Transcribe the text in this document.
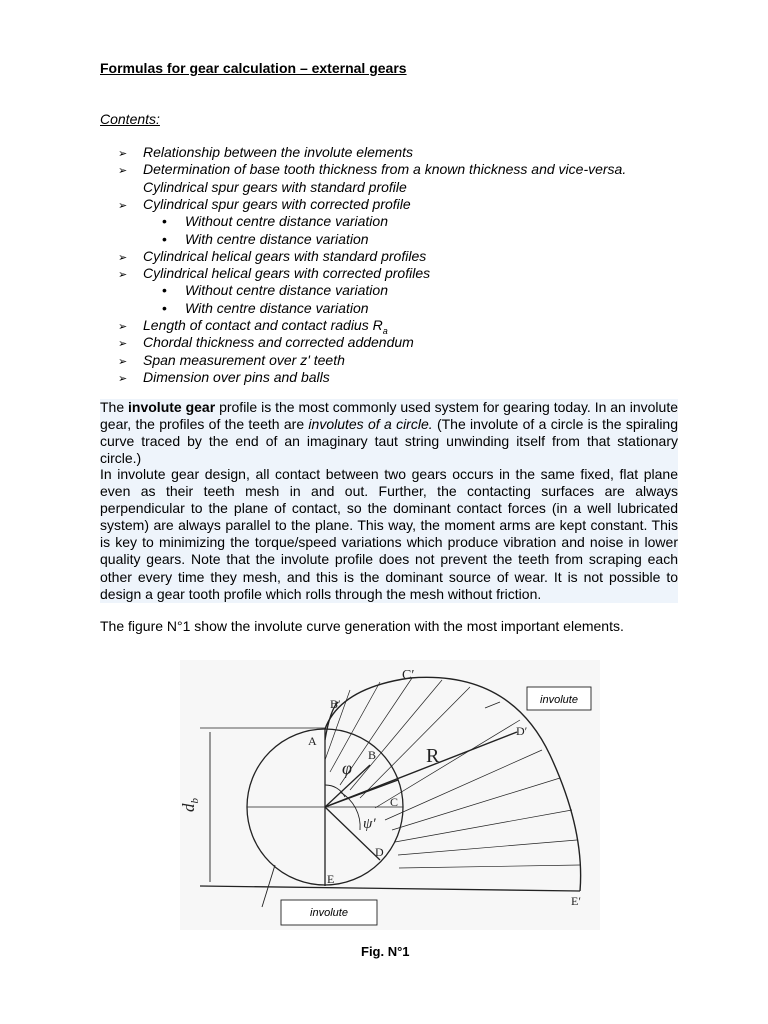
Formulas for gear calculation – external gears
Contents:
➢ Relationship between the involute elements
➢ Determination of base tooth thickness from a known thickness and vice-versa.
Cylindrical spur gears with standard profile
➢ Cylindrical spur gears with corrected profile
• Without centre distance variation
• With centre distance variation
➢ Cylindrical helical gears with standard profiles
➢ Cylindrical helical gears with corrected profiles
• Without centre distance variation
• With centre distance variation
➢ Length of contact and contact radius $R_a$
➢ Chordal thickness and corrected addendum
➢ Span measurement over z' teeth
➢ Dimension over pins and balls
The involute gear profile is the most commonly used system for gearing today. In an involute gear, the profiles of the teeth are involutes of a circle. (The involute of a circle is the spiraling curve traced by the end of an imaginary taut string unwinding itself from that stationary circle.)
In involute gear design, all contact between two gears occurs in the same fixed, flat plane even as their teeth mesh in and out. Further, the contacting surfaces are always perpendicular to the plane of contact, so the dominant contact forces (in a well lubricated system) are always parallel to the plane. This way, the moment arms are kept constant. This is key to minimizing the torque/speed variations which produce vibration and noise in lower quality gears. Note that the involute profile does not prevent the teeth from scraping each other every time they mesh, and this is the dominant source of wear. It is not possible to design a gear tooth profile which rolls through the mesh without friction.
The figure N°1 show the involute curve generation with the most important elements.
A
B
C
D
E
B′
C′
D′
E′
R
φ
ψ′
$d_b$
involute
involute
Fig. N°1
